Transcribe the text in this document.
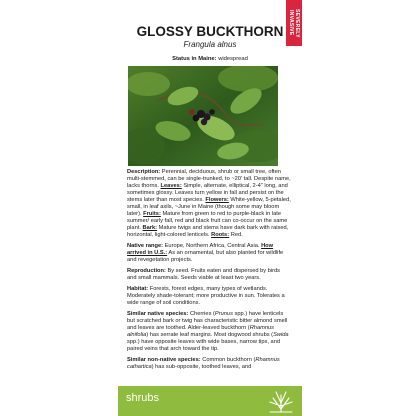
SEVERELY
INVASIVE
GLOSSY BUCKTHORN
Frangula alnus
Status in Maine: widespread

Description: Perennial, deciduous, shrub or small tree, often multi-stemmed, can be single-trunked, to ~20' tall. Despite name, lacks thorns. Leaves: Simple, alternate, elliptical, 2-4" long, and sometimes glossy. Leaves turn yellow in fall and persist on the stems later than most species. Flowers: White-yellow, 5-petaled, small, in leaf axils, ~June in Maine (though some may bloom later). Fruits: Mature from green to red to purple-black in late summer/ early fall, red and black fruit can co-occur on the same plant. Bark: Mature twigs and stems have dark bark with raised, horizontal, light-colored lenticels. Roots: Red.

Native range: Europe, Northern Africa, Central Asia. How arrived in U.S.: As an ornamental, but also planted for wildlife and revegetation projects.

Reproduction: By seed. Fruits eaten and dispersed by birds and small mammals. Seeds viable at least two years.

Habitat: Forests, forest edges, many types of wetlands. Moderately shade-tolerant; more productive in sun. Tolerates a wide range of soil conditions.

Similar native species: Cherries (Prunus spp.) have lenticels but scratched bark or twig has characteristic bitter almond smell and leaves are toothed. Alder-leaved buckthorn (Rhamnus alnifolia) has serrate leaf margins. Most dogwood shrubs (Swida spp.) have opposite leaves with wide bases, narrow tips, and paired veins that arch toward the tip.

Similar non-native species: Common buckthorn (Rhamnus cathartica) has sub-opposite, toothed leaves, and

shrubs
